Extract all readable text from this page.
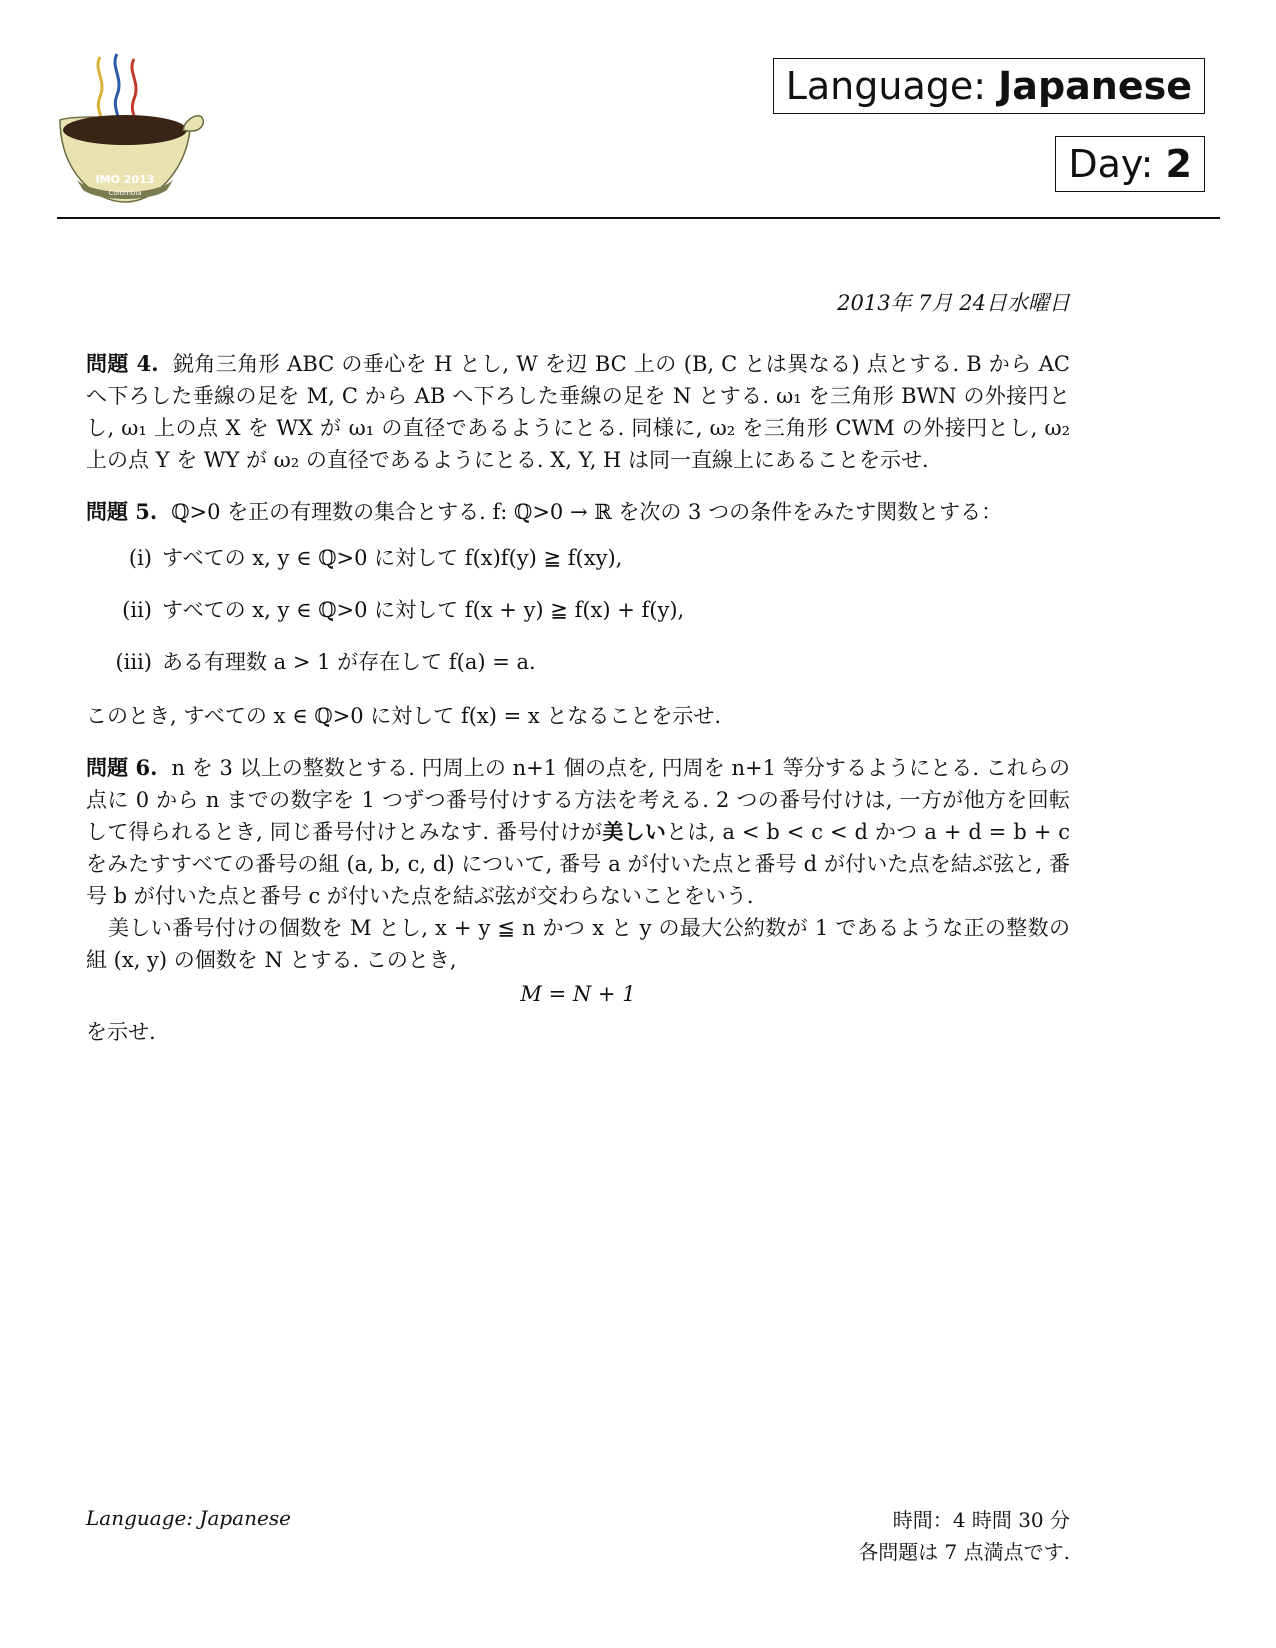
IMO 2013
Colombia
Language: Japanese
Day: 2
2013年 7月 24日水曜日
問題 4. 鋭角三角形 ABC の垂心を H とし, W を辺 BC 上の (B, C とは異なる) 点とする. B から AC へ下ろした垂線の足を M, C から AB へ下ろした垂線の足を N とする. ω₁ を三角形 BWN の外接円とし, ω₁ 上の点 X を WX が ω₁ の直径であるようにとる. 同様に, ω₂ を三角形 CWM の外接円とし, ω₂ 上の点 Y を WY が ω₂ の直径であるようにとる. X, Y, H は同一直線上にあることを示せ.
問題 5. ℚ>0 を正の有理数の集合とする. f: ℚ>0 → ℝ を次の 3 つの条件をみたす関数とする：
(i) すべての x, y ∈ ℚ>0 に対して f(x)f(y) ≧ f(xy),
(ii) すべての x, y ∈ ℚ>0 に対して f(x + y) ≧ f(x) + f(y),
(iii) ある有理数 a > 1 が存在して f(a) = a.
このとき, すべての x ∈ ℚ>0 に対して f(x) = x となることを示せ.
問題 6. n を 3 以上の整数とする. 円周上の n+1 個の点を, 円周を n+1 等分するようにとる. これらの点に 0 から n までの数字を 1 つずつ番号付けする方法を考える. 2 つの番号付けは, 一方が他方を回転して得られるとき, 同じ番号付けとみなす. 番号付けが美しいとは, a < b < c < d かつ a + d = b + c をみたすすべての番号の組 (a, b, c, d) について, 番号 a が付いた点と番号 d が付いた点を結ぶ弦と, 番号 b が付いた点と番号 c が付いた点を結ぶ弦が交わらないことをいう.
美しい番号付けの個数を M とし, x + y ≦ n かつ x と y の最大公約数が 1 であるような正の整数の組 (x, y) の個数を N とする. このとき,
M = N + 1
を示せ.
Language: Japanese	時間：4 時間 30 分
各問題は 7 点満点です.
